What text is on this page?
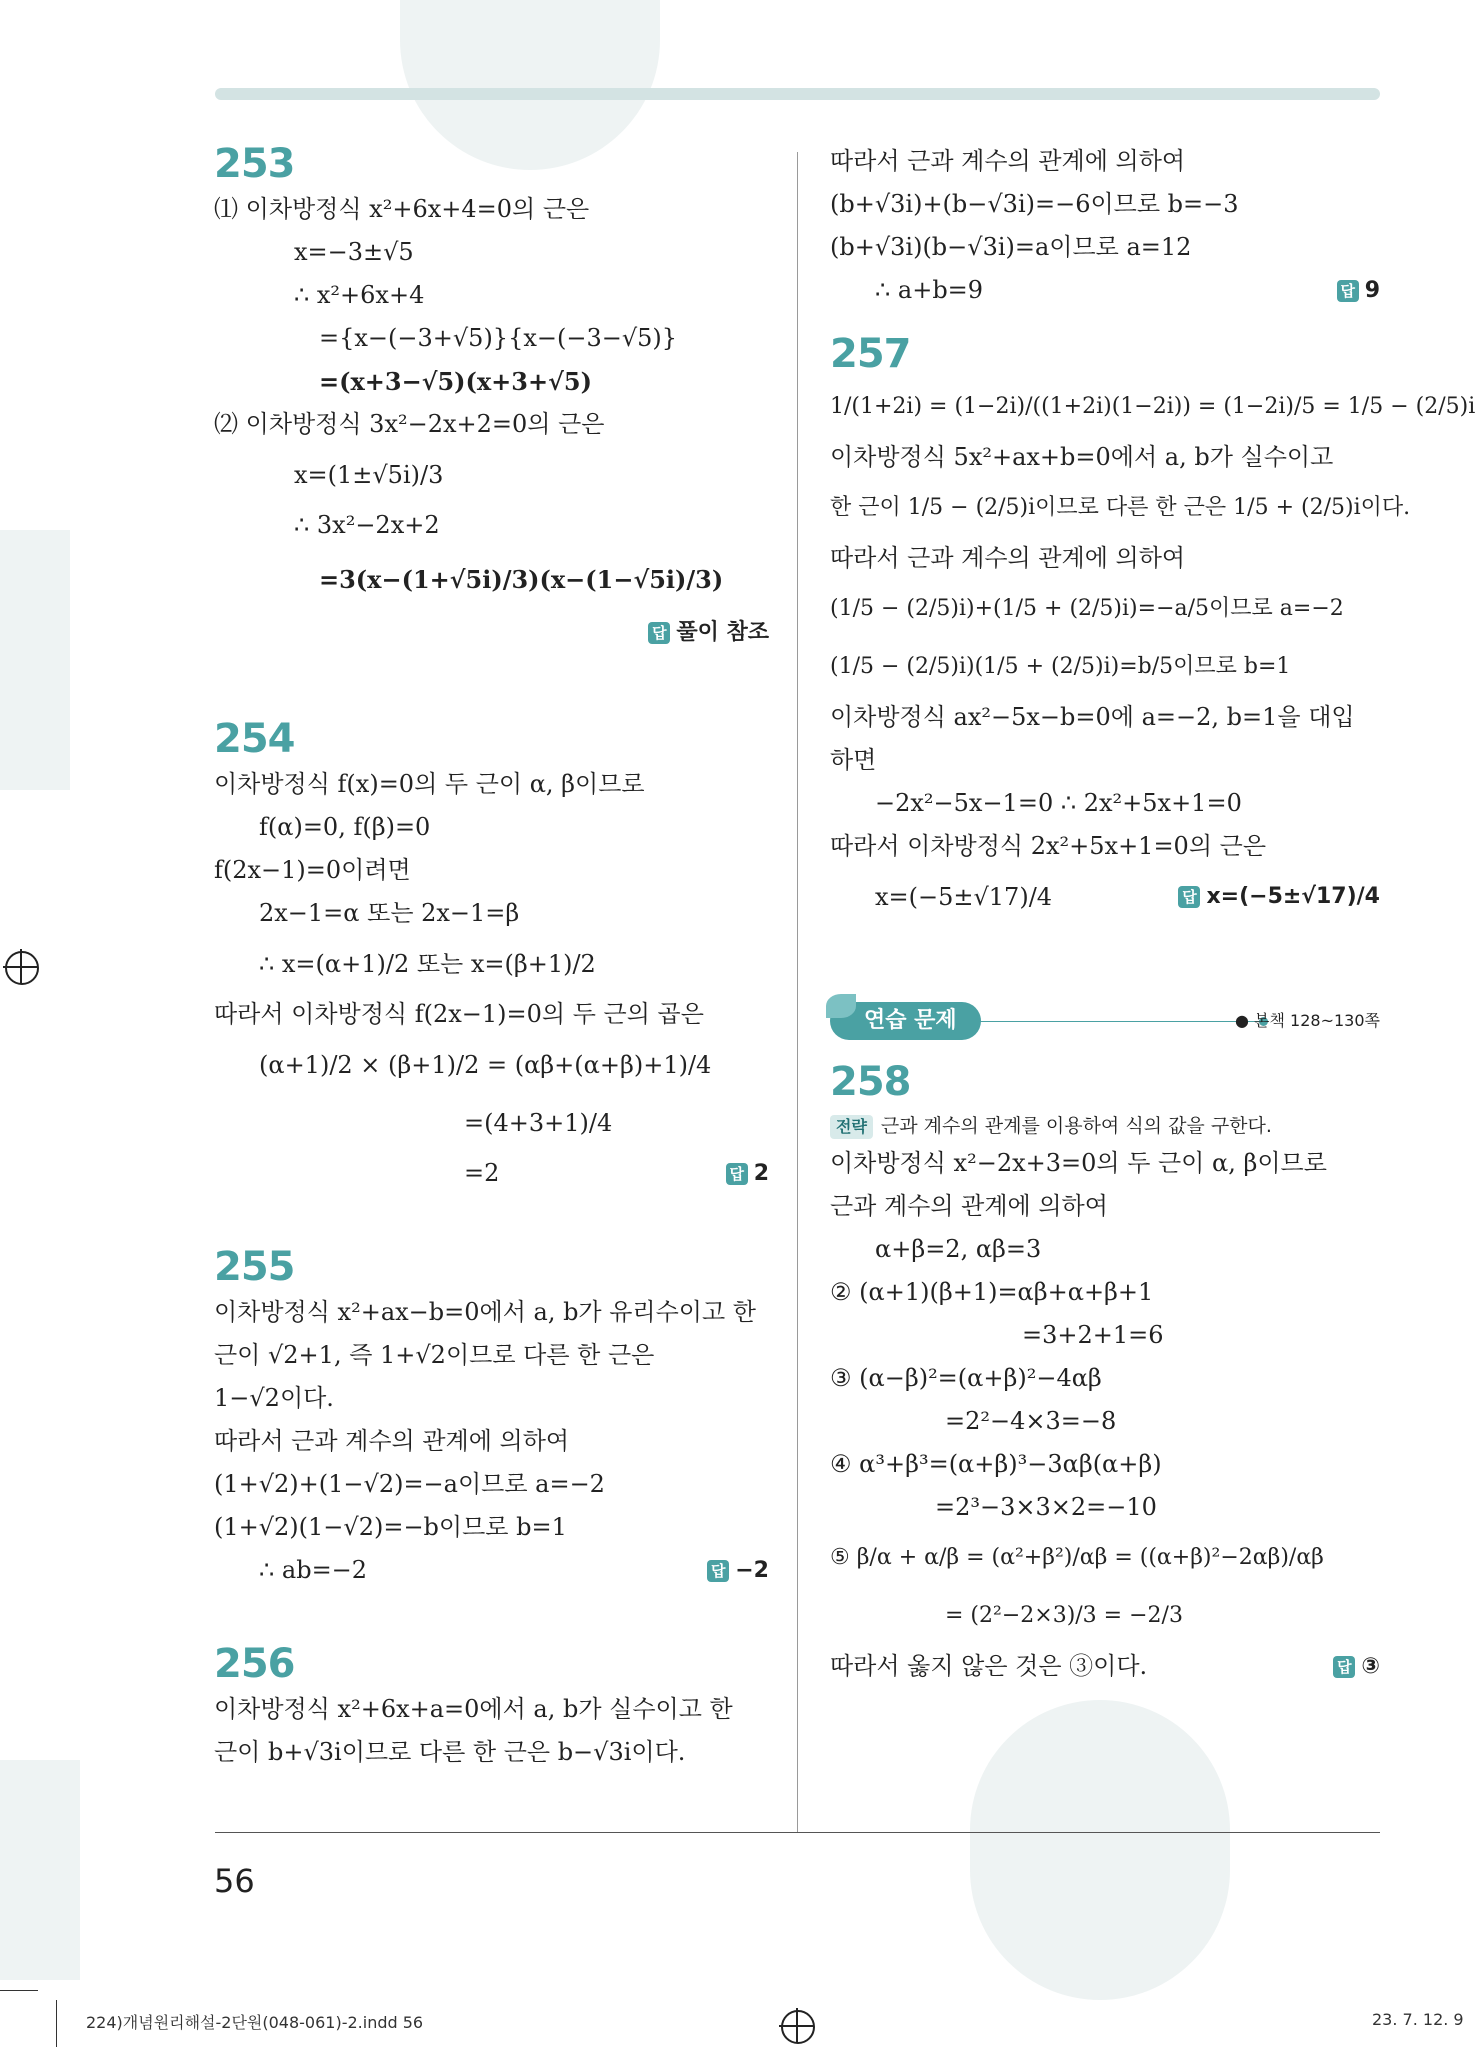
253
⑴ 이차방정식 x²+6x+4=0의 근은
x=−3±√5
∴ x²+6x+4
={x−(−3+√5)}{x−(−3−√5)}
=(x+3−√5)(x+3+√5)
⑵ 이차방정식 3x²−2x+2=0의 근은
x=(1±√5i)/3
∴ 3x²−2x+2
=3(x−(1+√5i)/3)(x−(1−√5i)/3)
답 풀이 참조
254
이차방정식 f(x)=0의 두 근이 α, β이므로
f(α)=0, f(β)=0
f(2x−1)=0이려면
2x−1=α 또는 2x−1=β
∴ x=(α+1)/2 또는 x=(β+1)/2
따라서 이차방정식 f(2x−1)=0의 두 근의 곱은
(α+1)/2 × (β+1)/2 = (αβ+(α+β)+1)/4
=(4+3+1)/4
=2	답 2
255
이차방정식 x²+ax−b=0에서 a, b가 유리수이고 한
근이 √2+1, 즉 1+√2이므로 다른 한 근은
1−√2이다.
따라서 근과 계수의 관계에 의하여
(1+√2)+(1−√2)=−a이므로 a=−2
(1+√2)(1−√2)=−b이므로 b=1
∴ ab=−2	답 −2
256
이차방정식 x²+6x+a=0에서 a, b가 실수이고 한
근이 b+√3i이므로 다른 한 근은 b−√3i이다.
따라서 근과 계수의 관계에 의하여
(b+√3i)+(b−√3i)=−6이므로 b=−3
(b+√3i)(b−√3i)=a이므로 a=12
∴ a+b=9	답 9
257
1/(1+2i) = (1−2i)/((1+2i)(1−2i)) = (1−2i)/5 = 1/5 − (2/5)i
이차방정식 5x²+ax+b=0에서 a, b가 실수이고
한 근이 1/5 − (2/5)i이므로 다른 한 근은 1/5 + (2/5)i이다.
따라서 근과 계수의 관계에 의하여
(1/5 − (2/5)i)+(1/5 + (2/5)i)=−a/5이므로 a=−2
(1/5 − (2/5)i)(1/5 + (2/5)i)=b/5이므로 b=1
이차방정식 ax²−5x−b=0에 a=−2, b=1을 대입
하면
−2x²−5x−1=0 ∴ 2x²+5x+1=0
따라서 이차방정식 2x²+5x+1=0의 근은
x=(−5±√17)/4	답 x=(−5±√17)/4
연습 문제	● 본책 128~130쪽
258
전략 근과 계수의 관계를 이용하여 식의 값을 구한다.
이차방정식 x²−2x+3=0의 두 근이 α, β이므로
근과 계수의 관계에 의하여
α+β=2, αβ=3
② (α+1)(β+1)=αβ+α+β+1
=3+2+1=6
③ (α−β)²=(α+β)²−4αβ
=2²−4×3=−8
④ α³+β³=(α+β)³−3αβ(α+β)
=2³−3×3×2=−10
⑤ β/α + α/β = (α²+β²)/αβ = ((α+β)²−2αβ)/αβ
= (2²−2×3)/3 = −2/3
따라서 옳지 않은 것은 ③이다.	답 ③
56
224)개념원리해설-2단원(048-061)-2.indd 56	23. 7. 12. 9
